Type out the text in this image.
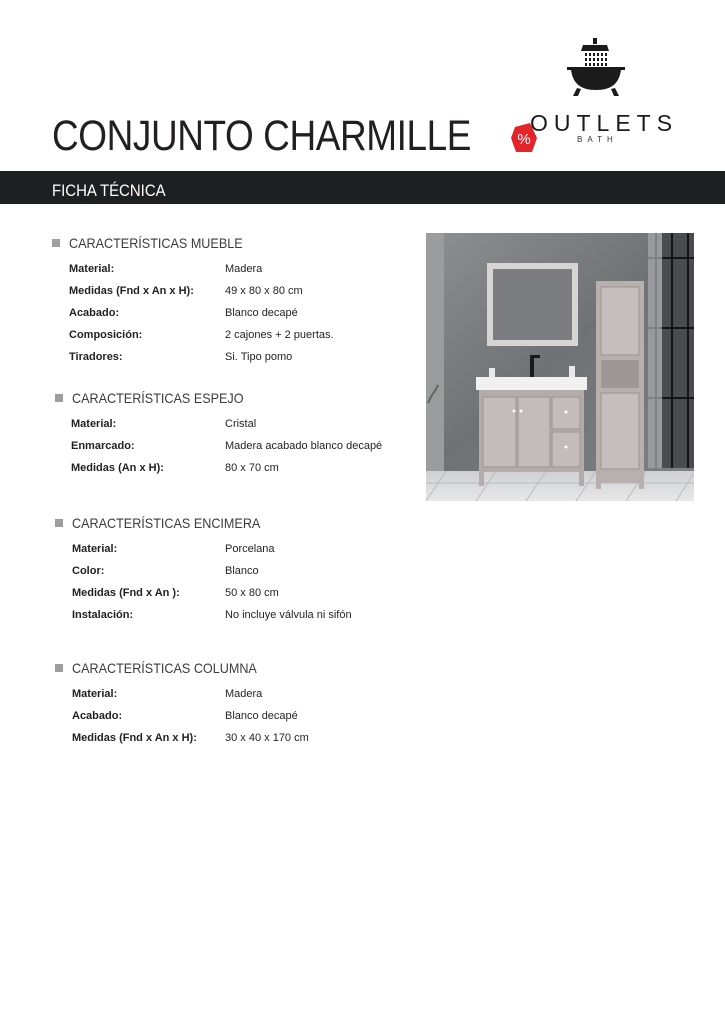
CONJUNTO CHARMILLE	%
OUTLETS
BATH
FICHA TÉCNICA
CARACTERÍSTICAS MUEBLE
Material:	Madera
Medidas (Fnd x An x H):	49 x 80 x 80 cm
Acabado:	Blanco decapé
Composición:	2 cajones + 2 puertas.
Tiradores:	Si. Tipo pomo
CARACTERÍSTICAS ESPEJO
Material:	Cristal
Enmarcado:	Madera acabado blanco decapé
Medidas (An x H):	80 x 70 cm
CARACTERÍSTICAS ENCIMERA
Material:	Porcelana
Color:	Blanco
Medidas (Fnd x An ):	50 x 80 cm
Instalación:	No incluye válvula ni sifón
CARACTERÍSTICAS COLUMNA
Material:	Madera
Acabado:	Blanco decapé
Medidas (Fnd x An x H):	30 x 40 x 170 cm
